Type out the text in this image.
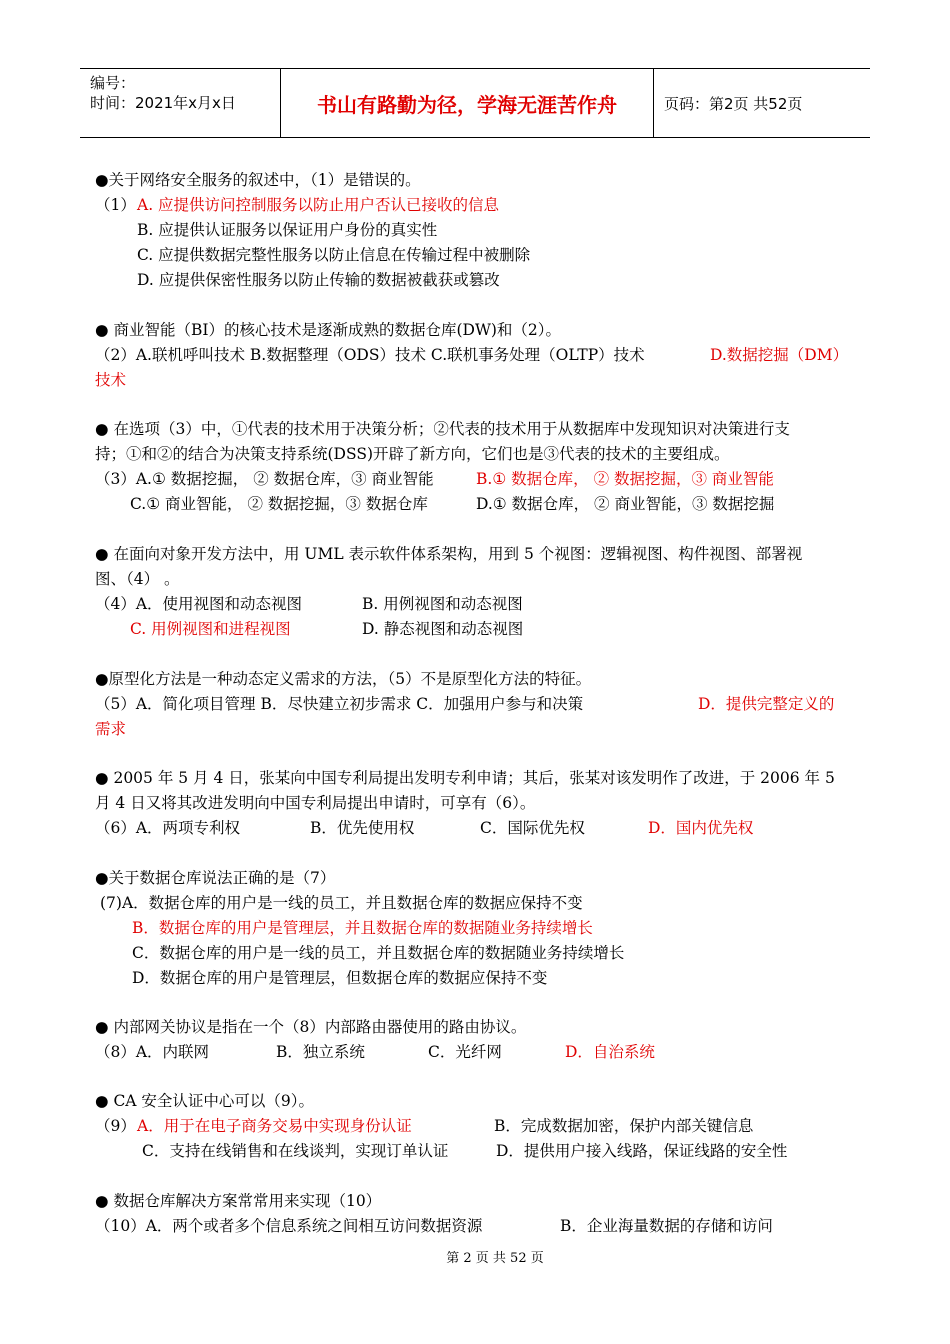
编号：
时间：2021年x月x日	书山有路勤为径，学海无涯苦作舟	页码：第2页 共52页
●关于网络安全服务的叙述中，（1）是错误的。
（1） A. 应提供访问控制服务以防止用户否认已接收的信息
B. 应提供认证服务以保证用户身份的真实性
C. 应提供数据完整性服务以防止信息在传输过程中被删除
D. 应提供保密性服务以防止传输的数据被截获或篡改
● 商业智能（BI）的核心技术是逐渐成熟的数据仓库(DW)和（2）。
（2）A.联机呼叫技术 B.数据整理（ODS）技术 C.联机事务处理（OLTP）技术	D.数据挖掘（DM）
技术
● 在选项（3）中，①代表的技术用于决策分析；②代表的技术用于从数据库中发现知识对决策进行支
持；①和②的结合为决策支持系统(DSS)开辟了新方向，它们也是③代表的技术的主要组成。
（3）A.① 数据挖掘， ② 数据仓库，③ 商业智能	B.① 数据仓库， ② 数据挖掘，③ 商业智能
C.① 商业智能， ② 数据挖掘，③ 数据仓库	D.① 数据仓库， ② 商业智能，③ 数据挖掘
● 在面向对象开发方法中，用 UML 表示软件体系架构，用到 5 个视图：逻辑视图、构件视图、部署视
图、（4） 。
（4）A．使用视图和动态视图	B. 用例视图和动态视图
C. 用例视图和进程视图	D. 静态视图和动态视图
●原型化方法是一种动态定义需求的方法，（5）不是原型化方法的特征。
（5）A．简化项目管理 B．尽快建立初步需求 C．加强用户参与和决策	D．提供完整定义的
需求
● 2005 年 5 月 4 日，张某向中国专利局提出发明专利申请；其后，张某对该发明作了改进，于 2006 年 5
月 4 日又将其改进发明向中国专利局提出申请时，可享有（6）。
（6）A．两项专利权	B．优先使用权	C．国际优先权	D．国内优先权
●关于数据仓库说法正确的是（7）
(7)A．数据仓库的用户是一线的员工，并且数据仓库的数据应保持不变
B．数据仓库的用户是管理层，并且数据仓库的数据随业务持续增长
C．数据仓库的用户是一线的员工，并且数据仓库的数据随业务持续增长
D．数据仓库的用户是管理层，但数据仓库的数据应保持不变
● 内部网关协议是指在一个（8）内部路由器使用的路由协议。
（8）A．内联网	B．独立系统	C．光纤网	D．自治系统
● CA 安全认证中心可以（9）。
（9） A．用于在电子商务交易中实现身份认证	B．完成数据加密，保护内部关键信息
C．支持在线销售和在线谈判，实现订单认证	D．提供用户接入线路，保证线路的安全性
● 数据仓库解决方案常常用来实现（10）
（10）A．两个或者多个信息系统之间相互访问数据资源	B．企业海量数据的存储和访问
第 2 页 共 52 页
